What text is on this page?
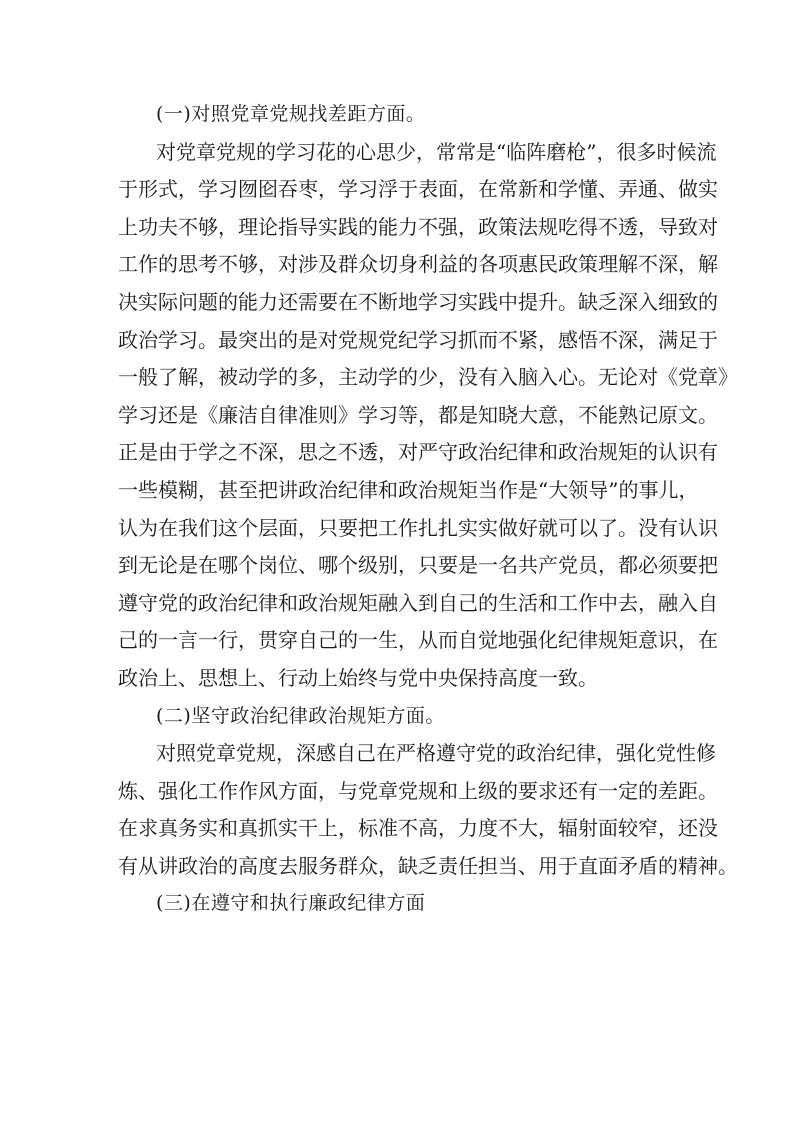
(一)对照党章党规找差距方面。
对党章党规的学习花的心思少，常常是“临阵磨枪”，很多时候流
于形式，学习囫囵吞枣，学习浮于表面，在常新和学懂、弄通、做实
上功夫不够，理论指导实践的能力不强，政策法规吃得不透，导致对
工作的思考不够，对涉及群众切身利益的各项惠民政策理解不深，解
决实际问题的能力还需要在不断地学习实践中提升。缺乏深入细致的
政治学习。最突出的是对党规党纪学习抓而不紧，感悟不深，满足于
一般了解，被动学的多，主动学的少，没有入脑入心。无论对《党章》
学习还是《廉洁自律准则》学习等，都是知晓大意，不能熟记原文。
正是由于学之不深，思之不透，对严守政治纪律和政治规矩的认识有
一些模糊，甚至把讲政治纪律和政治规矩当作是“大领导”的事儿，
认为在我们这个层面，只要把工作扎扎实实做好就可以了。没有认识
到无论是在哪个岗位、哪个级别，只要是一名共产党员，都必须要把
遵守党的政治纪律和政治规矩融入到自己的生活和工作中去，融入自
己的一言一行，贯穿自己的一生，从而自觉地强化纪律规矩意识，在
政治上、思想上、行动上始终与党中央保持高度一致。
(二)坚守政治纪律政治规矩方面。
对照党章党规，深感自己在严格遵守党的政治纪律，强化党性修
炼、强化工作作风方面，与党章党规和上级的要求还有一定的差距。
在求真务实和真抓实干上，标准不高，力度不大，辐射面较窄，还没
有从讲政治的高度去服务群众，缺乏责任担当、用于直面矛盾的精神。
(三)在遵守和执行廉政纪律方面
